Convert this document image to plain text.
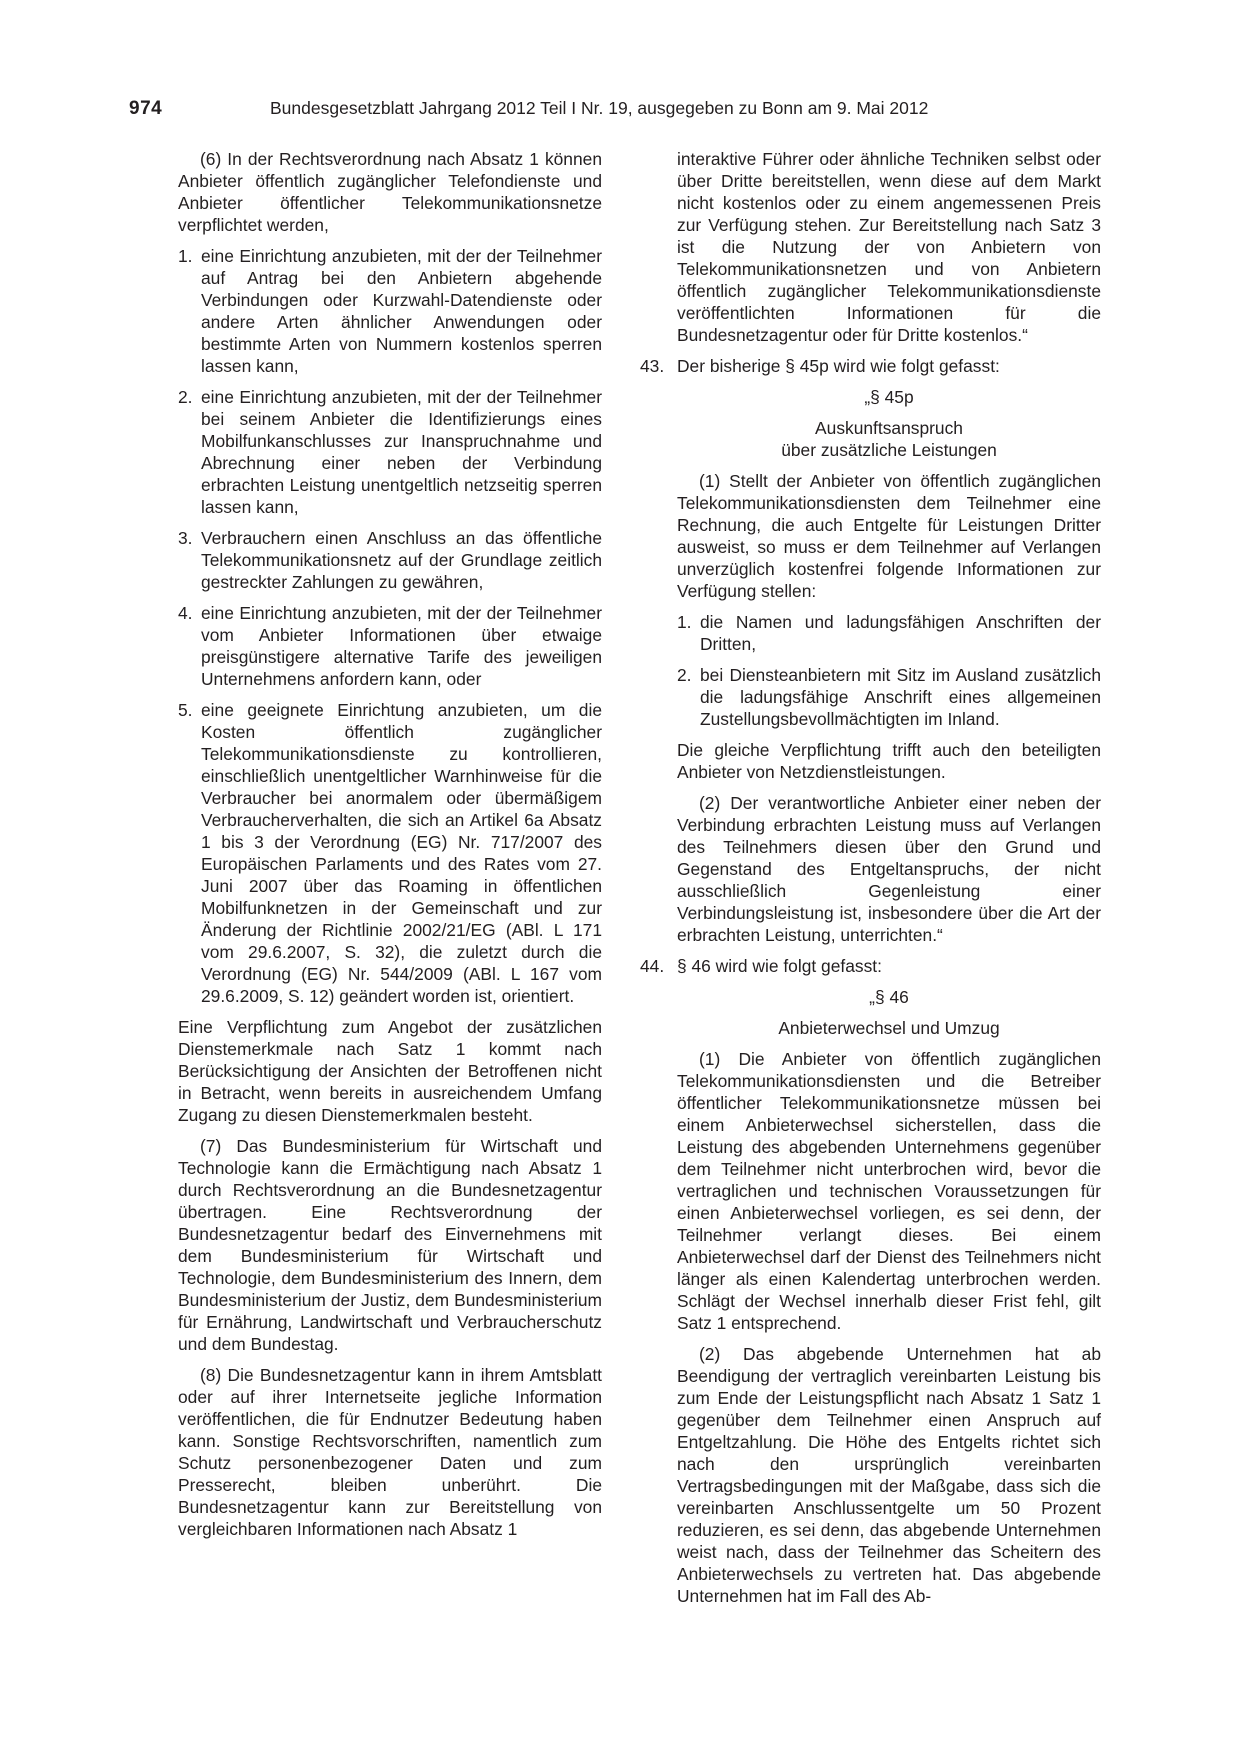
974	Bundesgesetzblatt Jahrgang 2012 Teil I Nr. 19, ausgegeben zu Bonn am 9. Mai 2012

(6) In der Rechtsverordnung nach Absatz 1 können Anbieter öffentlich zugänglicher Telefondienste und Anbieter öffentlicher Telekommunikationsnetze verpflichtet werden,

1. eine Einrichtung anzubieten, mit der der Teilnehmer auf Antrag bei den Anbietern abgehende Verbindungen oder Kurzwahl-Datendienste oder andere Arten ähnlicher Anwendungen oder bestimmte Arten von Nummern kostenlos sperren lassen kann,
2. eine Einrichtung anzubieten, mit der der Teilnehmer bei seinem Anbieter die Identifizierungs eines Mobilfunkanschlusses zur Inanspruchnahme und Abrechnung einer neben der Verbindung erbrachten Leistung unentgeltlich netzseitig sperren lassen kann,
3. Verbrauchern einen Anschluss an das öffentliche Telekommunikationsnetz auf der Grundlage zeitlich gestreckter Zahlungen zu gewähren,
4. eine Einrichtung anzubieten, mit der der Teilnehmer vom Anbieter Informationen über etwaige preisgünstigere alternative Tarife des jeweiligen Unternehmens anfordern kann, oder
5. eine geeignete Einrichtung anzubieten, um die Kosten öffentlich zugänglicher Telekommunikationsdienste zu kontrollieren, einschließlich unentgeltlicher Warnhinweise für die Verbraucher bei anormalem oder übermäßigem Verbraucherverhalten, die sich an Artikel 6a Absatz 1 bis 3 der Verordnung (EG) Nr. 717/2007 des Europäischen Parlaments und des Rates vom 27. Juni 2007 über das Roaming in öffentlichen Mobilfunknetzen in der Gemeinschaft und zur Änderung der Richtlinie 2002/21/EG (ABl. L 171 vom 29.6.2007, S. 32), die zuletzt durch die Verordnung (EG) Nr. 544/2009 (ABl. L 167 vom 29.6.2009, S. 12) geändert worden ist, orientiert.

Eine Verpflichtung zum Angebot der zusätzlichen Dienstemerkmale nach Satz 1 kommt nach Berücksichtigung der Ansichten der Betroffenen nicht in Betracht, wenn bereits in ausreichendem Umfang Zugang zu diesen Dienstemerkmalen besteht.

(7) Das Bundesministerium für Wirtschaft und Technologie kann die Ermächtigung nach Absatz 1 durch Rechtsverordnung an die Bundesnetzagentur übertragen. Eine Rechtsverordnung der Bundesnetzagentur bedarf des Einvernehmens mit dem Bundesministerium für Wirtschaft und Technologie, dem Bundesministerium des Innern, dem Bundesministerium der Justiz, dem Bundesministerium für Ernährung, Landwirtschaft und Verbraucherschutz und dem Bundestag.

(8) Die Bundesnetzagentur kann in ihrem Amtsblatt oder auf ihrer Internetseite jegliche Information veröffentlichen, die für Endnutzer Bedeutung haben kann. Sonstige Rechtsvorschriften, namentlich zum Schutz personenbezogener Daten und zum Presserecht, bleiben unberührt. Die Bundesnetzagentur kann zur Bereitstellung von vergleichbaren Informationen nach Absatz 1

interaktive Führer oder ähnliche Techniken selbst oder über Dritte bereitstellen, wenn diese auf dem Markt nicht kostenlos oder zu einem angemessenen Preis zur Verfügung stehen. Zur Bereitstellung nach Satz 3 ist die Nutzung der von Anbietern von Telekommunikationsnetzen und von Anbietern öffentlich zugänglicher Telekommunikationsdienste veröffentlichten Informationen für die Bundesnetzagentur oder für Dritte kostenlos.“

43. Der bisherige § 45p wird wie folgt gefasst:

„§ 45p

Auskunftsanspruch

über zusätzliche Leistungen

(1) Stellt der Anbieter von öffentlich zugänglichen Telekommunikationsdiensten dem Teilnehmer eine Rechnung, die auch Entgelte für Leistungen Dritter ausweist, so muss er dem Teilnehmer auf Verlangen unverzüglich kostenfrei folgende Informationen zur Verfügung stellen:

1. die Namen und ladungsfähigen Anschriften der Dritten,
2. bei Diensteanbietern mit Sitz im Ausland zusätzlich die ladungsfähige Anschrift eines allgemeinen Zustellungsbevollmächtigten im Inland.

Die gleiche Verpflichtung trifft auch den beteiligten Anbieter von Netzdienstleistungen.

(2) Der verantwortliche Anbieter einer neben der Verbindung erbrachten Leistung muss auf Verlangen des Teilnehmers diesen über den Grund und Gegenstand des Entgeltanspruchs, der nicht ausschließlich Gegenleistung einer Verbindungsleistung ist, insbesondere über die Art der erbrachten Leistung, unterrichten.“

44. § 46 wird wie folgt gefasst:

„§ 46

Anbieterwechsel und Umzug

(1) Die Anbieter von öffentlich zugänglichen Telekommunikationsdiensten und die Betreiber öffentlicher Telekommunikationsnetze müssen bei einem Anbieterwechsel sicherstellen, dass die Leistung des abgebenden Unternehmens gegenüber dem Teilnehmer nicht unterbrochen wird, bevor die vertraglichen und technischen Voraussetzungen für einen Anbieterwechsel vorliegen, es sei denn, der Teilnehmer verlangt dieses. Bei einem Anbieterwechsel darf der Dienst des Teilnehmers nicht länger als einen Kalendertag unterbrochen werden. Schlägt der Wechsel innerhalb dieser Frist fehl, gilt Satz 1 entsprechend.

(2) Das abgebende Unternehmen hat ab Beendigung der vertraglich vereinbarten Leistung bis zum Ende der Leistungspflicht nach Absatz 1 Satz 1 gegenüber dem Teilnehmer einen Anspruch auf Entgeltzahlung. Die Höhe des Entgelts richtet sich nach den ursprünglich vereinbarten Vertragsbedingungen mit der Maßgabe, dass sich die vereinbarten Anschlussentgelte um 50 Prozent reduzieren, es sei denn, das abgebende Unternehmen weist nach, dass der Teilnehmer das Scheitern des Anbieterwechsels zu vertreten hat. Das abgebende Unternehmen hat im Fall des Ab-
